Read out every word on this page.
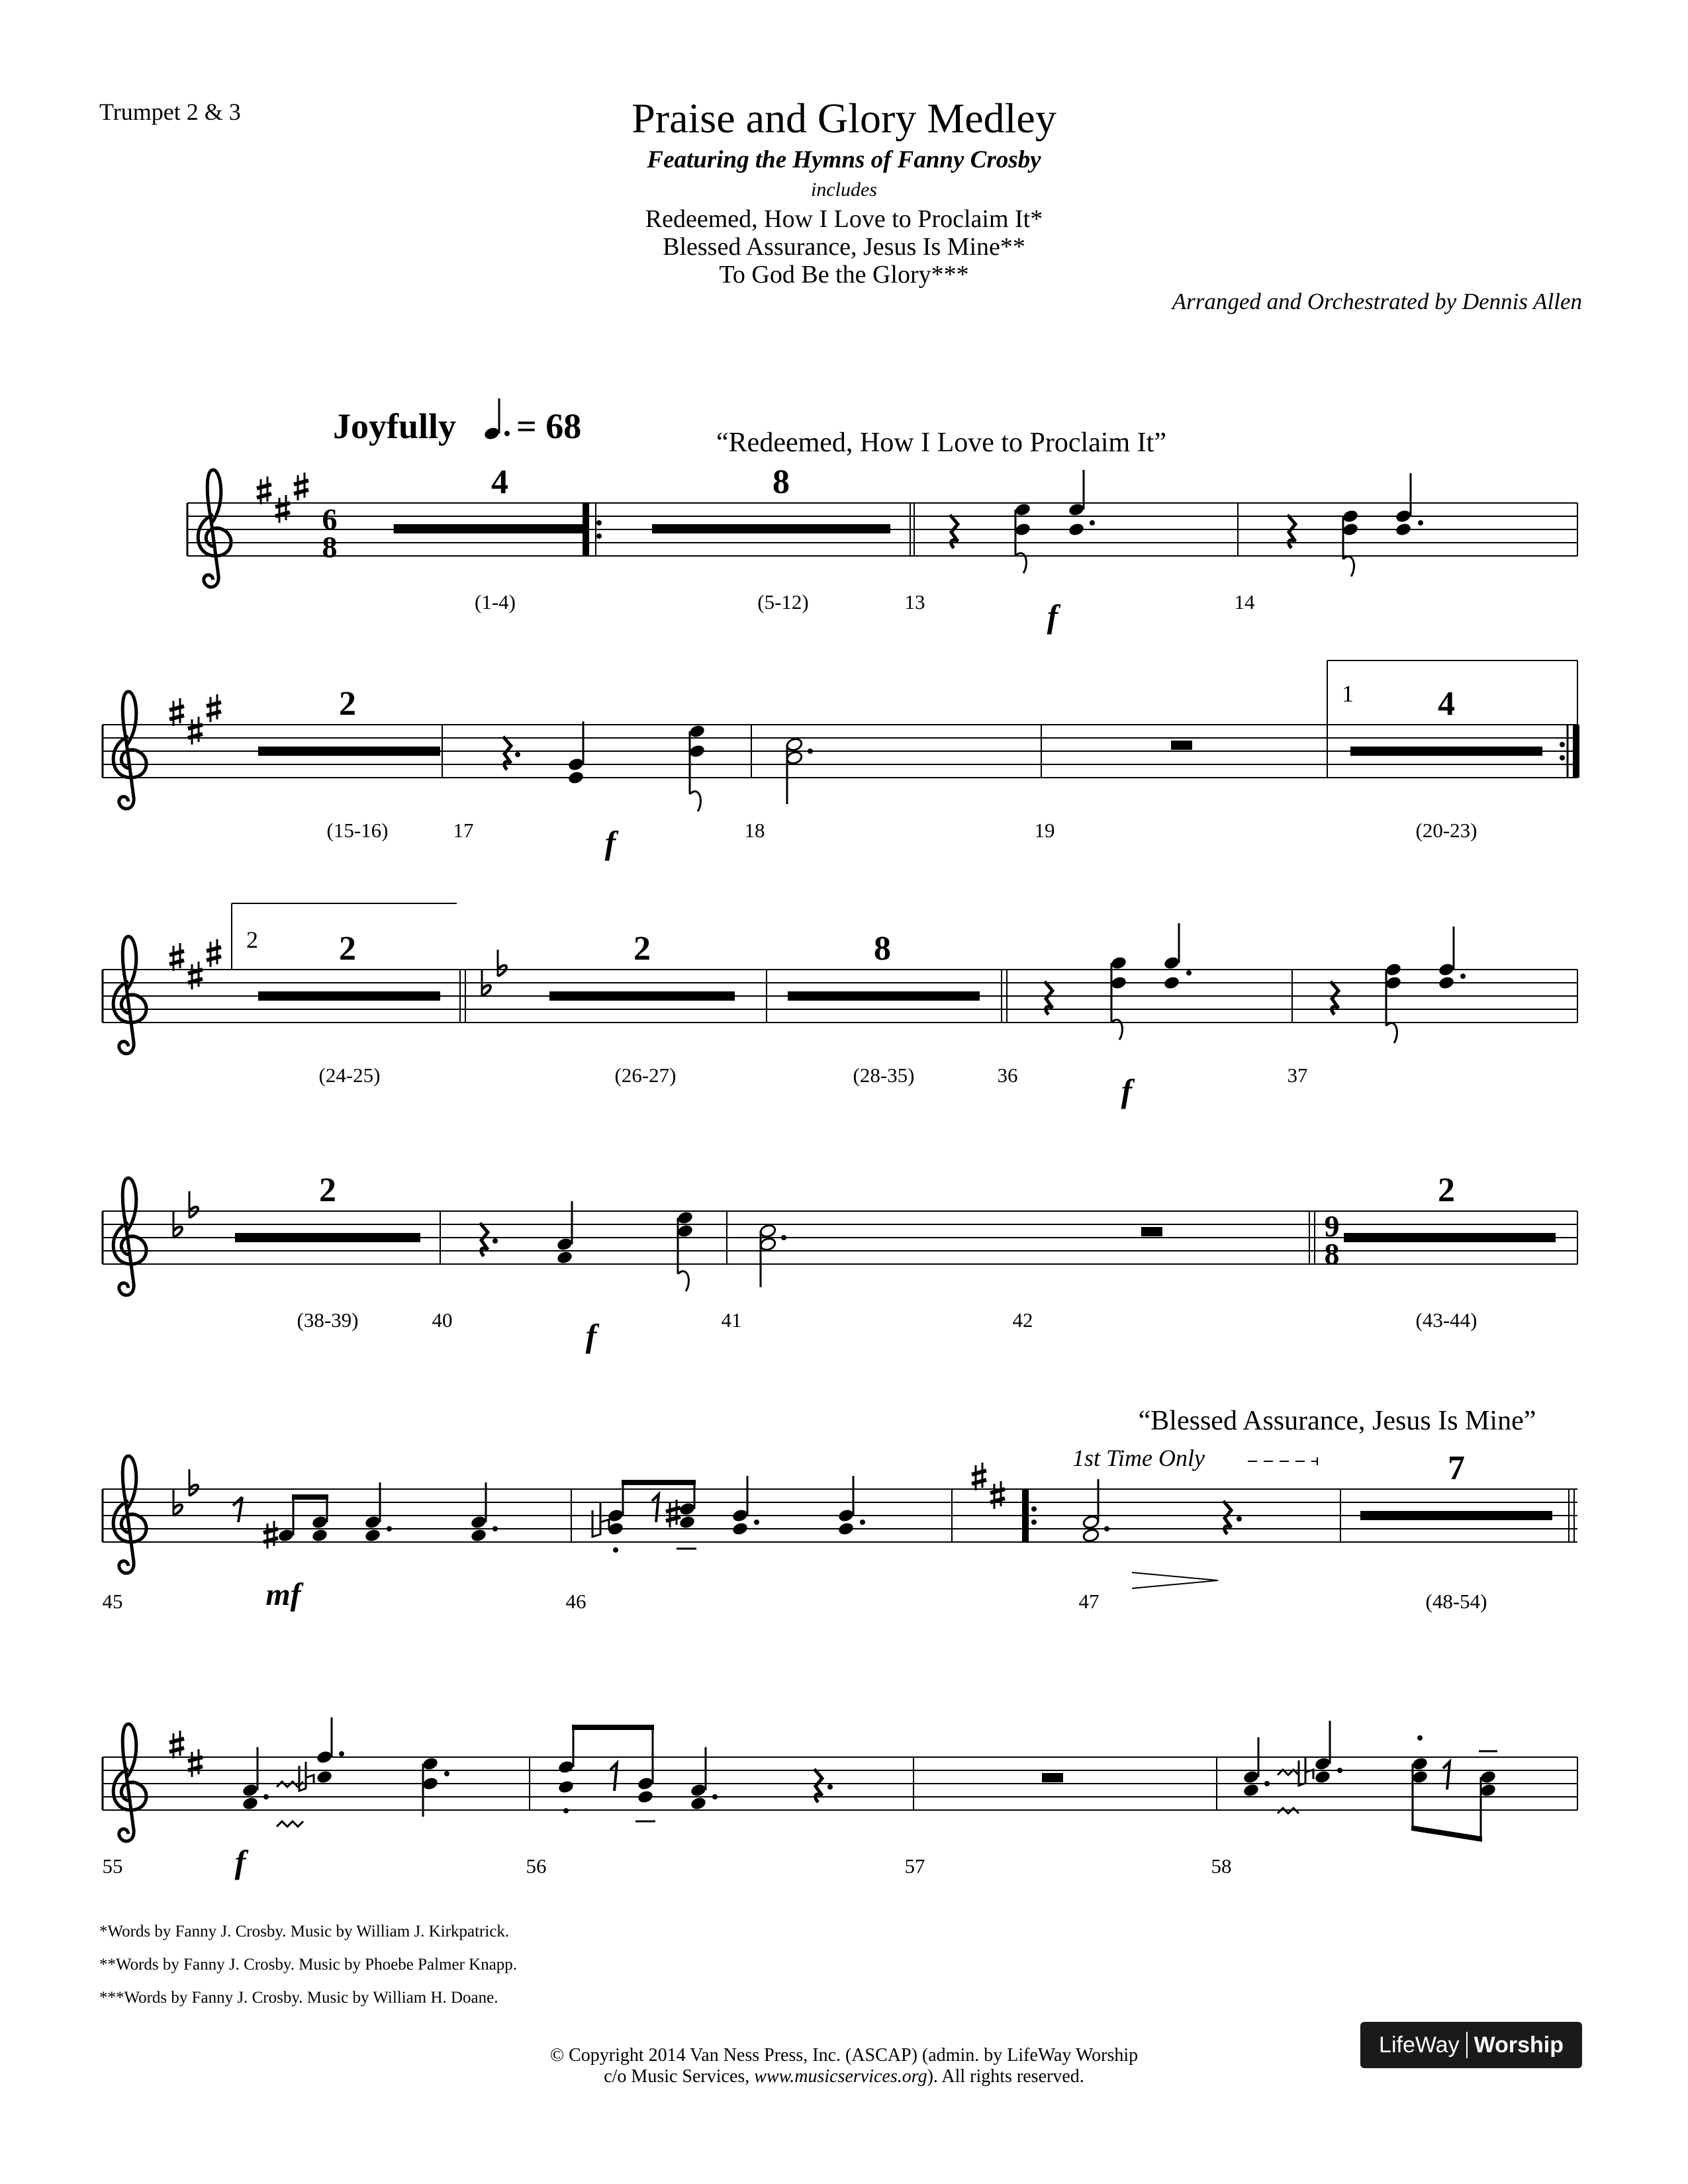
Trumpet 2 & 3	Praise and Glory Medley
Featuring the Hymns of Fanny Crosby
includes
Redeemed, How I Love to Proclaim It*
Blessed Assurance, Jesus Is Mine**
To God Be the Glory***
Arranged and Orchestrated by Dennis Allen
6
8
4	8
Joyfully = 68	“Redeemed, How I Love to Proclaim It”
(1-4)	(5-12)	13	14
f
2	4
1
(15-16)	17	18	19	(20-23)
f
2 2	2	8
(24-25)	(26-27)	(28-35)	36	37
f
2	2
9
8
(38-39)	40	41	42	(43-44)
f
7
“Blessed Assurance, Jesus Is Mine”
1st Time Only
45	46	47	(48-54)
mf
55	56	57	58
f
*Words by Fanny J. Crosby. Music by William J. Kirkpatrick.
**Words by Fanny J. Crosby. Music by Phoebe Palmer Knapp.
***Words by Fanny J. Crosby. Music by William H. Doane.
© Copyright 2014 Van Ness Press, Inc. (ASCAP) (admin. by LifeWay Worship
c/o Music Services, www.musicservices.org). All rights reserved.
LifeWay Worship
